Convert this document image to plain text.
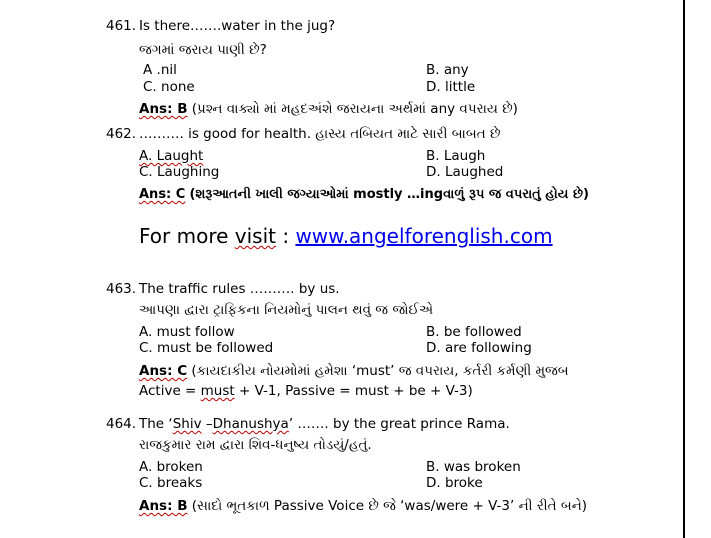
461. Is there…….water in the jug?
જગમાં જરાય પાણી છે?
A .nil	B. any
C. none	D. little
Ans: B (પ્રશ્ન વાક્યો માં મહદઅંશે જરાયના અર્થમાં any વપરાય છે)
462. ………. is good for health. હાસ્ય તબિયત માટે સારી બાબત છે
A. Laught	B. Laugh
C. Laughing	D. Laughed
Ans: C (શરૂઆતની ખાલી જગ્યાઓમાં mostly …ingવાળું રૂપ જ વપરાતું હોય છે)
For more visit : www.angelforenglish.com
463. The traffic rules ………. by us.
આપણા દ્વારા ટ્રાફિકના નિયમોનું પાલન થવું જ જોઈએ
A. must follow	B. be followed
C. must be followed	D. are following
Ans: C (કાયદાકીય નોયમોમાં હમેશા ‘must’ જ વપરાય, કર્તરી કર્મણી મુજબ
Active = must + V-1, Passive = must + be + V-3)
464. The ‘Shiv –Dhanushya’ ……. by the great prince Rama.
રાજકુમાર રામ દ્વારા શિવ-ધનુષ્ય તોડયું/હતું.
A. broken	B. was broken
C. breaks	D. broke
Ans: B (સાદો ભૂતકાળ Passive Voice છે જે ‘was/were + V-3’ ની રીતે બને)
